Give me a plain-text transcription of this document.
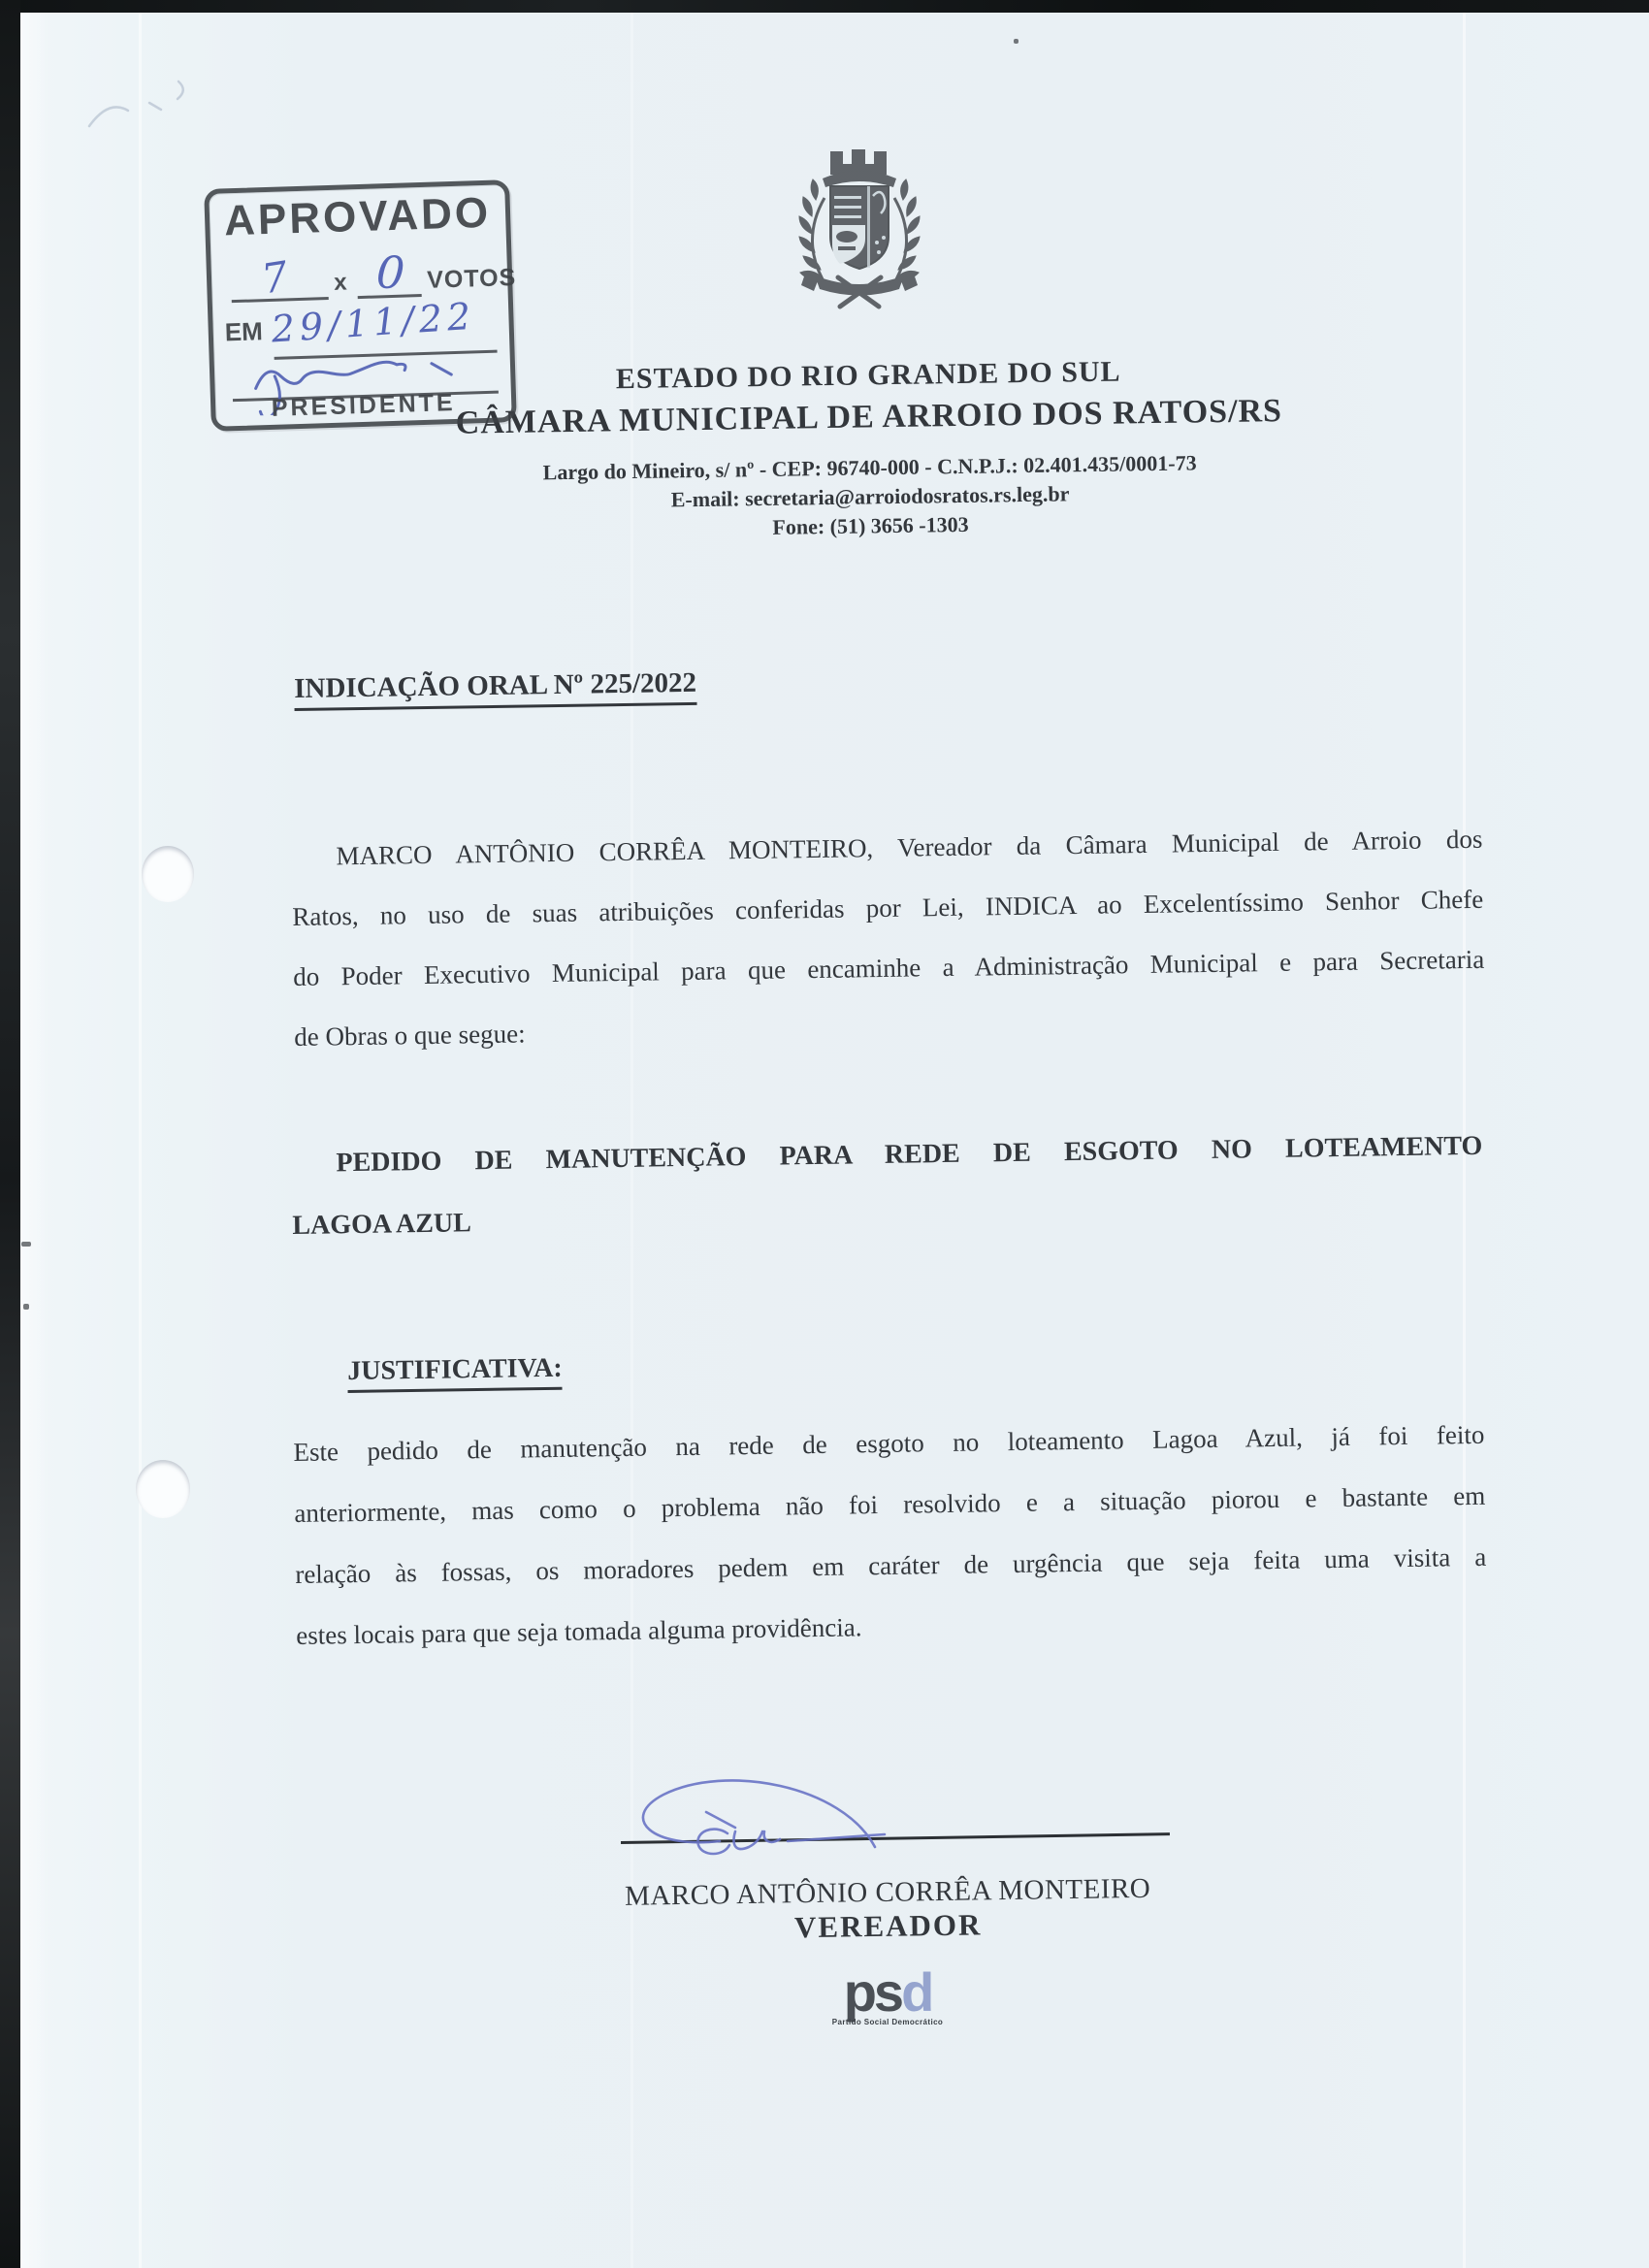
APROVADO
x	VOTOS
7 0
EM 29/11/22
PRESIDENTE
ESTADO DO RIO GRANDE DO SUL
CÂMARA MUNICIPAL DE ARROIO DOS RATOS/RS
Largo do Mineiro, s/ nº - CEP: 96740-000 - C.N.P.J.: 02.401.435/0001-73
E-mail: secretaria@arroiodosratos.rs.leg.br
Fone: (51) 3656 -1303
INDICAÇÃO ORAL Nº 225/2022
MARCO ANTÔNIO CORRÊA MONTEIRO, Vereador da Câmara Municipal de Arroio dos
Ratos, no uso de suas atribuições conferidas por Lei, INDICA ao Excelentíssimo Senhor Chefe
do Poder Executivo Municipal para que encaminhe a Administração Municipal e para Secretaria
de Obras o que segue:
PEDIDO DE MANUTENÇÃO PARA REDE DE ESGOTO NO LOTEAMENTO
LAGOA AZUL
JUSTIFICATIVA:
Este pedido de manutenção na rede de esgoto no loteamento Lagoa Azul, já foi feito
anteriormente, mas como o problema não foi resolvido e a situação piorou e bastante em
relação às fossas, os moradores pedem em caráter de urgência que seja feita uma visita a
estes locais para que seja tomada alguma providência.
MARCO ANTÔNIO CORRÊA MONTEIRO
VEREADOR
psd
Partido Social Democrático
